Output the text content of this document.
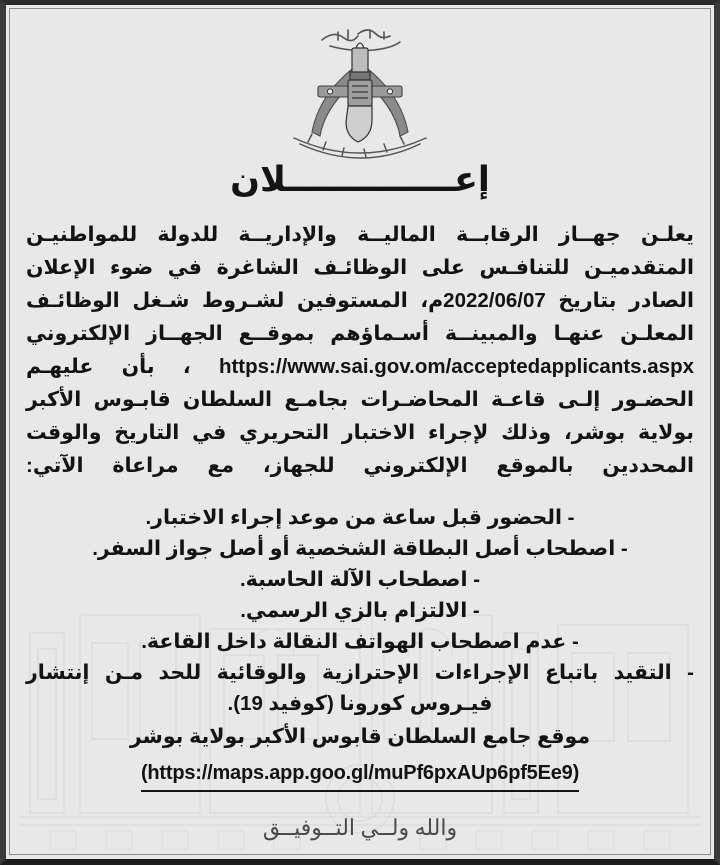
إعــــــــــــــلان

يعلـن جهــاز الرقابــة الماليــة والإداريــة للدولة للمواطنيـن المتقدميـن للتنافـس على الوظائـف الشاغرة في ضوء الإعلان الصادر بتاريخ 2022/06/07م، المستوفين لشـروط شـغل الوظائـف المعلـن عنهـا والمبينــة أسـماؤهم بموقــع الجهــاز الإلكتروني https://www.sai.gov.om/acceptedapplicants.aspx ، بأن عليهـم الحضـور إلـى قاعـة المحاضـرات بجامـع السلطان قابـوس الأكبر بولاية بوشر، وذلك لإجراء الاختبار التحريري في التاريخ والوقت المحددين بالموقع الإلكتروني للجهاز، مع مراعاة الآتي:

- الحضور قبل ساعة من موعد إجراء الاختبار.
- اصطحاب أصل البطاقة الشخصية أو أصل جواز السفر.
- اصطحاب الآلة الحاسبة.
- الالتزام بالزي الرسمي.
- عدم اصطحاب الهواتف النقالة داخل القاعة.
- التقيد باتباع الإجراءات الإحترازية والوقائية للحد مـن إنتشار فيـروس كورونا (كوفيد 19).
موقع جامع السلطان قابوس الأكبر بولاية بوشر
(https://maps.app.goo.gl/muPf6pxAUp6pf5Ee9)
والله ولــي التــوفيــق
